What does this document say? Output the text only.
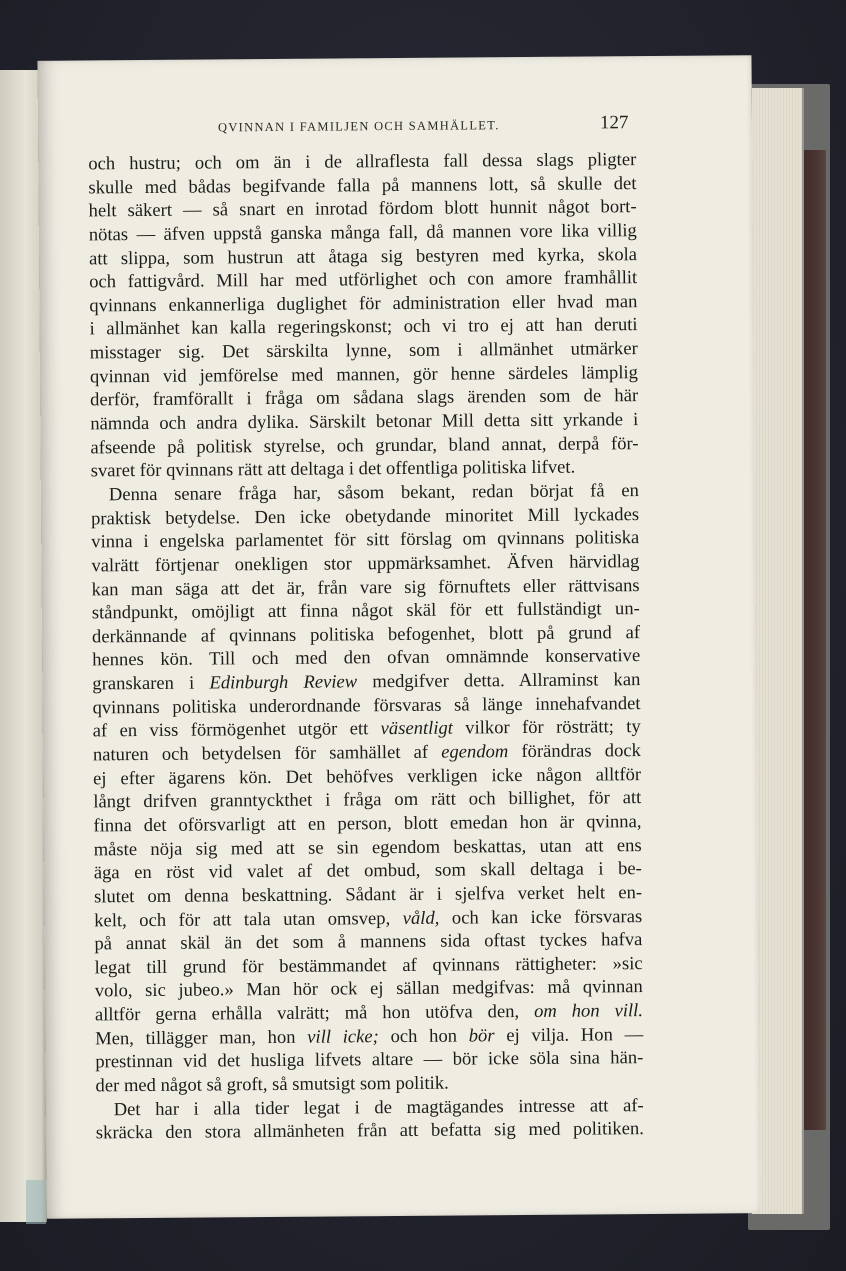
QVINNAN I FAMILJEN OCH SAMHÄLLET.	127
och hustru; och om än i de allraflesta fall dessa slags pligter
skulle med bådas begifvande falla på mannens lott, så skulle det
helt säkert — så snart en inrotad fördom blott hunnit något bort-
nötas — äfven uppstå ganska många fall, då mannen vore lika villig
att slippa, som hustrun att åtaga sig bestyren med kyrka, skola
och fattigvård. Mill har med utförlighet och con amore framhållit
qvinnans enkannerliga duglighet för administration eller hvad man
i allmänhet kan kalla regeringskonst; och vi tro ej att han deruti
misstager sig. Det särskilta lynne, som i allmänhet utmärker
qvinnan vid jemförelse med mannen, gör henne särdeles lämplig
derför, framförallt i fråga om sådana slags ärenden som de här
nämnda och andra dylika. Särskilt betonar Mill detta sitt yrkande i
afseende på politisk styrelse, och grundar, bland annat, derpå för-
svaret för qvinnans rätt att deltaga i det offentliga politiska lifvet.
Denna senare fråga har, såsom bekant, redan börjat få en
praktisk betydelse. Den icke obetydande minoritet Mill lyckades
vinna i engelska parlamentet för sitt förslag om qvinnans politiska
valrätt förtjenar onekligen stor uppmärksamhet. Äfven härvidlag
kan man säga att det är, från vare sig förnuftets eller rättvisans
ståndpunkt, omöjligt att finna något skäl för ett fullständigt un-
derkännande af qvinnans politiska befogenhet, blott på grund af
hennes kön. Till och med den ofvan omnämnde konservative
granskaren i Edinburgh Review medgifver detta. Allraminst kan
qvinnans politiska underordnande försvaras så länge innehafvandet
af en viss förmögenhet utgör ett väsentligt vilkor för rösträtt; ty
naturen och betydelsen för samhället af egendom förändras dock
ej efter ägarens kön. Det behöfves verkligen icke någon alltför
långt drifven granntyckthet i fråga om rätt och billighet, för att
finna det oförsvarligt att en person, blott emedan hon är qvinna,
måste nöja sig med att se sin egendom beskattas, utan att ens
äga en röst vid valet af det ombud, som skall deltaga i be-
slutet om denna beskattning. Sådant är i sjelfva verket helt en-
kelt, och för att tala utan omsvep, våld, och kan icke försvaras
på annat skäl än det som å mannens sida oftast tyckes hafva
legat till grund för bestämmandet af qvinnans rättigheter: »sic
volo, sic jubeo.» Man hör ock ej sällan medgifvas: må qvinnan
alltför gerna erhålla valrätt; må hon utöfva den, om hon vill.
Men, tillägger man, hon vill icke; och hon bör ej vilja. Hon —
prestinnan vid det husliga lifvets altare — bör icke söla sina hän-
der med något så groft, så smutsigt som politik.
Det har i alla tider legat i de magtägandes intresse att af-
skräcka den stora allmänheten från att befatta sig med politiken.
